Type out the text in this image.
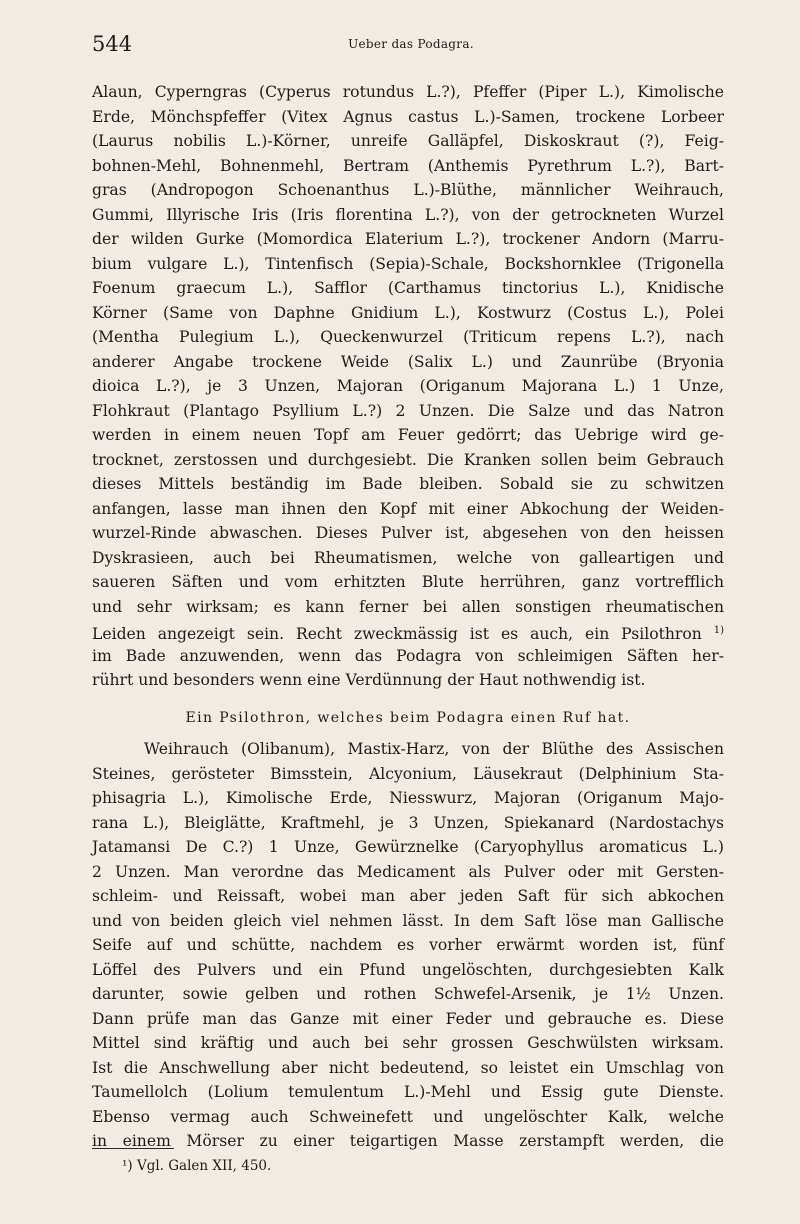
544	Ueber das Podagra.
Alaun, Cyperngras (Cyperus rotundus L.?), Pfeffer (Piper L.), Kimolische
Erde, Mönchspfeffer (Vitex Agnus castus L.)-Samen, trockene Lorbeer
(Laurus nobilis L.)-Körner, unreife Galläpfel, Diskoskraut (?), Feig-
bohnen-Mehl, Bohnenmehl, Bertram (Anthemis Pyrethrum L.?), Bart-
gras (Andropogon Schoenanthus L.)-Blüthe, männlicher Weihrauch,
Gummi, Illyrische Iris (Iris florentina L.?), von der getrockneten Wurzel
der wilden Gurke (Momordica Elaterium L.?), trockener Andorn (Marru-
bium vulgare L.), Tintenfisch (Sepia)-Schale, Bockshornklee (Trigonella
Foenum graecum L.), Safflor (Carthamus tinctorius L.), Knidische
Körner (Same von Daphne Gnidium L.), Kostwurz (Costus L.), Polei
(Mentha Pulegium L.), Queckenwurzel (Triticum repens L.?), nach
anderer Angabe trockene Weide (Salix L.) und Zaunrübe (Bryonia
dioica L.?), je 3 Unzen, Majoran (Origanum Majorana L.) 1 Unze,
Flohkraut (Plantago Psyllium L.?) 2 Unzen. Die Salze und das Natron
werden in einem neuen Topf am Feuer gedörrt; das Uebrige wird ge-
trocknet, zerstossen und durchgesiebt. Die Kranken sollen beim Gebrauch
dieses Mittels beständig im Bade bleiben. Sobald sie zu schwitzen
anfangen, lasse man ihnen den Kopf mit einer Abkochung der Weiden-
wurzel-Rinde abwaschen. Dieses Pulver ist, abgesehen von den heissen
Dyskrasieen, auch bei Rheumatismen, welche von galleartigen und
saueren Säften und vom erhitzten Blute herrühren, ganz vortrefflich
und sehr wirksam; es kann ferner bei allen sonstigen rheumatischen
Leiden angezeigt sein. Recht zweckmässig ist es auch, ein Psilothron $^{1)}$
im Bade anzuwenden, wenn das Podagra von schleimigen Säften her-
rührt und besonders wenn eine Verdünnung der Haut nothwendig ist.
Ein Psilothron, welches beim Podagra einen Ruf hat.
Weihrauch (Olibanum), Mastix-Harz, von der Blüthe des Assischen
Steines, gerösteter Bimsstein, Alcyonium, Läusekraut (Delphinium Sta-
phisagria L.), Kimolische Erde, Niesswurz, Majoran (Origanum Majo-
rana L.), Bleiglätte, Kraftmehl, je 3 Unzen, Spiekanard (Nardostachys
Jatamansi De C.?) 1 Unze, Gewürznelke (Caryophyllus aromaticus L.)
2 Unzen. Man verordne das Medicament als Pulver oder mit Gersten-
schleim- und Reissaft, wobei man aber jeden Saft für sich abkochen
und von beiden gleich viel nehmen lässt. In dem Saft löse man Gallische
Seife auf und schütte, nachdem es vorher erwärmt worden ist, fünf
Löffel des Pulvers und ein Pfund ungelöschten, durchgesiebten Kalk
darunter, sowie gelben und rothen Schwefel-Arsenik, je 1½ Unzen.
Dann prüfe man das Ganze mit einer Feder und gebrauche es. Diese
Mittel sind kräftig und auch bei sehr grossen Geschwülsten wirksam.
Ist die Anschwellung aber nicht bedeutend, so leistet ein Umschlag von
Taumellolch (Lolium temulentum L.)-Mehl und Essig gute Dienste.
Ebenso vermag auch Schweinefett und ungelöschter Kalk, welche
in einem Mörser zu einer teigartigen Masse zerstampft werden, die
¹) Vgl. Galen XII, 450.
